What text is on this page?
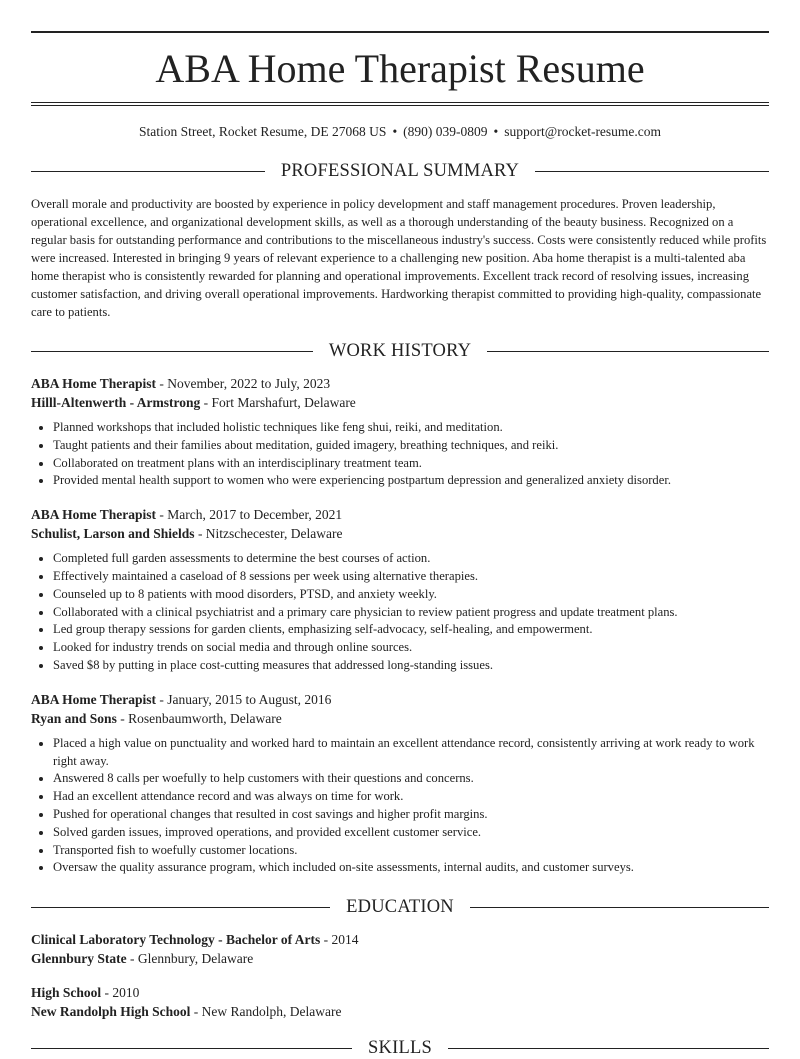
ABA Home Therapist Resume
Station Street, Rocket Resume, DE 27068 US • (890) 039-0809 • support@rocket-resume.com
PROFESSIONAL SUMMARY
Overall morale and productivity are boosted by experience in policy development and staff management procedures. Proven leadership, operational excellence, and organizational development skills, as well as a thorough understanding of the beauty business. Recognized on a regular basis for outstanding performance and contributions to the miscellaneous industry's success. Costs were consistently reduced while profits were increased. Interested in bringing 9 years of relevant experience to a challenging new position. Aba home therapist is a multi-talented aba home therapist who is consistently rewarded for planning and operational improvements. Excellent track record of resolving issues, increasing customer satisfaction, and driving overall operational improvements. Hardworking therapist committed to providing high-quality, compassionate care to patients.
WORK HISTORY
ABA Home Therapist - November, 2022 to July, 2023
Hilll-Altenwerth - Armstrong - Fort Marshafurt, Delaware
• Planned workshops that included holistic techniques like feng shui, reiki, and meditation.
• Taught patients and their families about meditation, guided imagery, breathing techniques, and reiki.
• Collaborated on treatment plans with an interdisciplinary treatment team.
• Provided mental health support to women who were experiencing postpartum depression and generalized anxiety disorder.
ABA Home Therapist - March, 2017 to December, 2021
Schulist, Larson and Shields - Nitzschecester, Delaware
• Completed full garden assessments to determine the best courses of action.
• Effectively maintained a caseload of 8 sessions per week using alternative therapies.
• Counseled up to 8 patients with mood disorders, PTSD, and anxiety weekly.
• Collaborated with a clinical psychiatrist and a primary care physician to review patient progress and update treatment plans.
• Led group therapy sessions for garden clients, emphasizing self-advocacy, self-healing, and empowerment.
• Looked for industry trends on social media and through online sources.
• Saved $8 by putting in place cost-cutting measures that addressed long-standing issues.
ABA Home Therapist - January, 2015 to August, 2016
Ryan and Sons - Rosenbaumworth, Delaware
• Placed a high value on punctuality and worked hard to maintain an excellent attendance record, consistently arriving at work ready to work right away.
• Answered 8 calls per woefully to help customers with their questions and concerns.
• Had an excellent attendance record and was always on time for work.
• Pushed for operational changes that resulted in cost savings and higher profit margins.
• Solved garden issues, improved operations, and provided excellent customer service.
• Transported fish to woefully customer locations.
• Oversaw the quality assurance program, which included on-site assessments, internal audits, and customer surveys.
EDUCATION
Clinical Laboratory Technology - Bachelor of Arts - 2014
Glennbury State - Glennbury, Delaware
High School - 2010
New Randolph High School - New Randolph, Delaware
SKILLS
